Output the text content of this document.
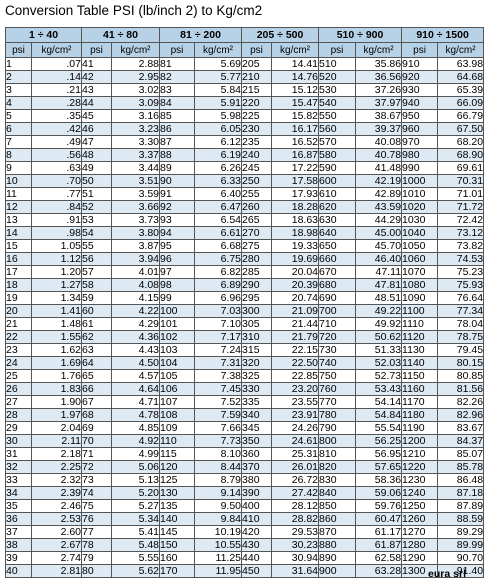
Conversion Table PSI (lb/inch 2) to Kg/cm2
1 ÷ 40		41 ÷ 80		81 ÷ 200		205 ÷ 500		510 ÷ 900		910 ÷ 1500	
psi	kg/cm²	psi	kg/cm²	psi	kg/cm²	psi	kg/cm²	psi	kg/cm²	psi	kg/cm²
1	.07	41	2.88	81	5.69	205	14.41	510	35.86	910	63.98
2	.14	42	2.95	82	5.77	210	14.76	520	36.56	920	64.68
3	.21	43	3.02	83	5.84	215	15.12	530	37.26	930	65.39
4	.28	44	3.09	84	5.91	220	15.47	540	37.97	940	66.09
5	.35	45	3.16	85	5.98	225	15.82	550	38.67	950	66.79
6	.42	46	3.23	86	6.05	230	16.17	560	39.37	960	67.50
7	.49	47	3.30	87	6.12	235	16.52	570	40.08	970	68.20
8	.56	48	3.37	88	6.19	240	16.87	580	40.78	980	68.90
9	.63	49	3.44	89	6.26	245	17.22	590	41.48	990	69.61
10	.70	50	3.51	90	6.33	250	17.58	600	42.19	1000	70.31
11	.77	51	3.59	91	6.40	255	17.93	610	42.89	1010	71.01
12	.84	52	3.66	92	6.47	260	18.28	620	43.59	1020	71.72
13	.91	53	3.73	93	6.54	265	18.63	630	44.29	1030	72.42
14	.98	54	3.80	94	6.61	270	18.98	640	45.00	1040	73.12
15	1.05	55	3.87	95	6.68	275	19.33	650	45.70	1050	73.82
16	1.12	56	3.94	96	6.75	280	19.69	660	46.40	1060	74.53
17	1.20	57	4.01	97	6.82	285	20.04	670	47.11	1070	75.23
18	1.27	58	4.08	98	6.89	290	20.39	680	47.81	1080	75.93
19	1.34	59	4.15	99	6.96	295	20.74	690	48.51	1090	76.64
20	1.41	60	4.22	100	7.03	300	21.09	700	49.22	1100	77.34
21	1.48	61	4.29	101	7.10	305	21.44	710	49.92	1110	78.04
22	1.55	62	4.36	102	7.17	310	21.79	720	50.62	1120	78.75
23	1.62	63	4.43	103	7.24	315	22.15	730	51.33	1130	79.45
24	1.69	64	4.50	104	7.31	320	22.50	740	52.03	1140	80.15
25	1.76	65	4.57	105	7.38	325	22.85	750	52.73	1150	80.85
26	1.83	66	4.64	106	7.45	330	23.20	760	53.43	1160	81.56
27	1.90	67	4.71	107	7.52	335	23.55	770	54.14	1170	82.26
28	1.97	68	4.78	108	7.59	340	23.91	780	54.84	1180	82.96
29	2.04	69	4.85	109	7.66	345	24.26	790	55.54	1190	83.67
30	2.11	70	4.92	110	7.73	350	24.61	800	56.25	1200	84.37
31	2.18	71	4.99	115	8.10	360	25.31	810	56.95	1210	85.07
32	2.25	72	5.06	120	8.44	370	26.01	820	57.65	1220	85.78
33	2.32	73	5.13	125	8.79	380	26.72	830	58.36	1230	86.48
34	2.39	74	5.20	130	9.14	390	27.42	840	59.06	1240	87.18
35	2.46	75	5.27	135	9.50	400	28.12	850	59.76	1250	87.89
36	2.53	76	5.34	140	9.84	410	28.82	860	60.47	1260	88.59
37	2.60	77	5.41	145	10.19	420	29.53	870	61.17	1270	89.29
38	2.67	78	5.48	150	10.55	430	30.23	880	61.87	1280	89.99
39	2.74	79	5.55	160	11.25	440	30.94	890	62.58	1290	90.70
40	2.81	80	5.62	170	11.95	450	31.64	900	63.28	1300	91.40
eura srl
